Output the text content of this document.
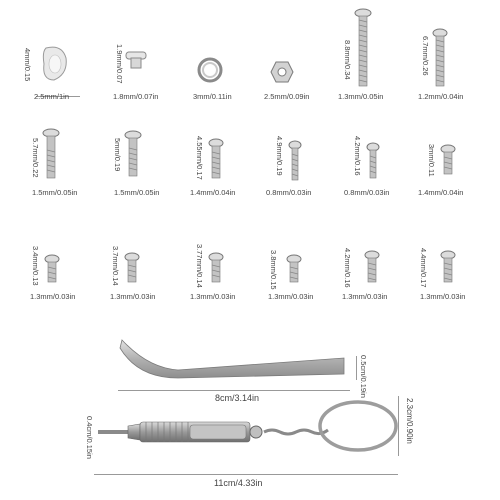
4mm/0.15
2.5mm/1in
1.9mm/0.07
1.8mm/0.07in	3mm/0.11in	2.5mm/0.09in
8.8mm/0.34
1.3mm/0.05in
6.7mm/0.26
1.2mm/0.04in
5.7mm/0.22
1.5mm/0.05in
5mm/0.19
1.5mm/0.05in
4.55mm/0.17
1.4mm/0.04in
4.9mm/0.19
0.8mm/0.03in
4.2mm/0.16
0.8mm/0.03in
3mm/0.11
1.4mm/0.04in
3.4mm/0.13
1.3mm/0.03in
3.7mm/0.14
1.3mm/0.03in
3.77mm/0.14
1.3mm/0.03in
3.8mm/0.15
1.3mm/0.03in
4.2mm/0.16
1.3mm/0.03in
4.4mm/0.17
1.3mm/0.03in
0.5cm/0.19in
8cm/3.14in
0.4cm/0.15in	2.3cm/0.90in
11cm/4.33in
